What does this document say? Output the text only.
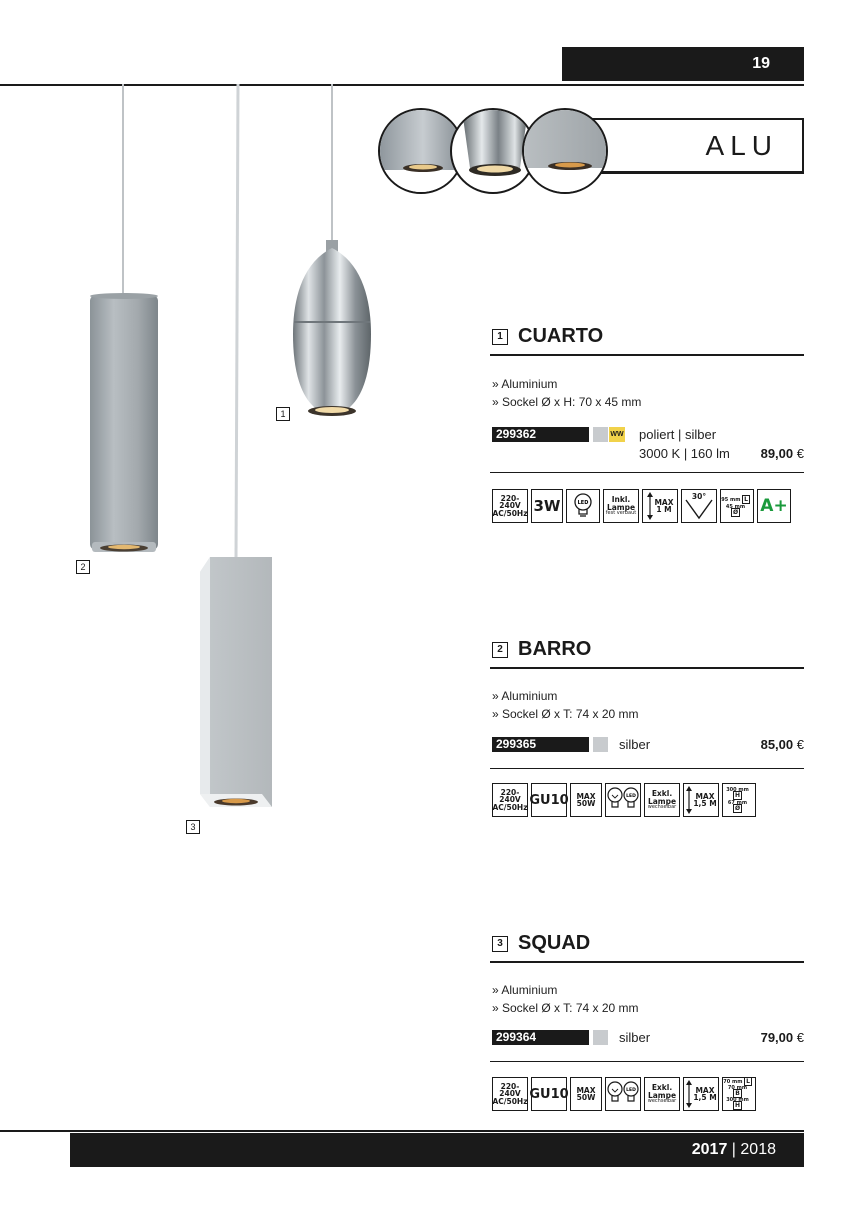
19
ALU
1
2
3
1 CUARTO
» Aluminium
» Sockel Ø x H: 70 x 45 mm
299362	WW poliert | silber
3000 K | 160 lm	89,00 €
220-240V
AC/50Hz 3W	LED	Inkl.
Lampe
fest verbaut
MAX
1 M
30°	95 mm L
45 mm Ø	A+
2 BARRO
» Aluminium
» Sockel Ø x T: 74 x 20 mm
299365	silber	85,00 €
220-240V
AC/50Hz GU10 MAX
50W
LED Exkl.
Lampe
wechselbar
MAX
1,5 M
300 mm H
67 mm Ø
3 SQUAD
» Aluminium
» Sockel Ø x T: 74 x 20 mm
299364	silber	79,00 €
220-240V
AC/50Hz GU10 MAX
50W
LED Exkl.
Lampe
wechselbar
MAX
1,5 M
70 mm L
70 mm B
300 mm H
2017
|
2018
